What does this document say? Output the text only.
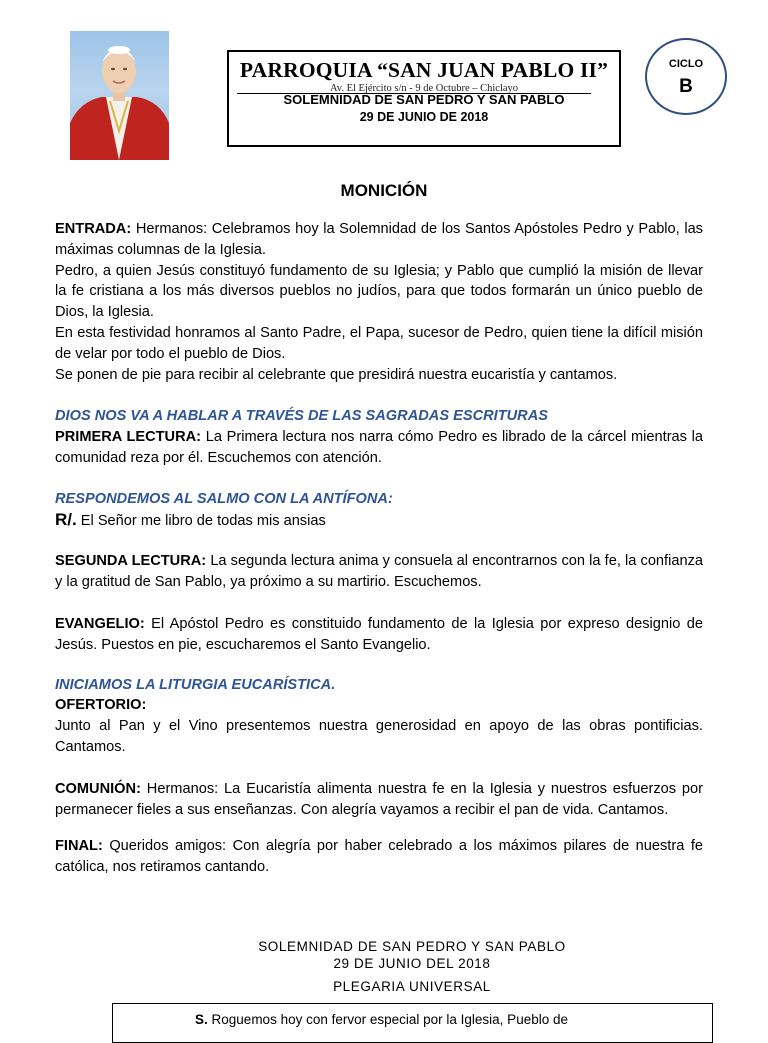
PARROQUIA “SAN JUAN PABLO II”
Av. El Ejército s/n - 9 de Octubre – Chiclayo
SOLEMNIDAD DE SAN PEDRO Y SAN PABLO
29 DE JUNIO DE 2018
CICLO
B
MONICIÓN

ENTRADA: Hermanos: Celebramos hoy la Solemnidad de los Santos Apóstoles Pedro y Pablo, las máximas columnas de la Iglesia.

Pedro, a quien Jesús constituyó fundamento de su Iglesia; y Pablo que cumplió la misión de llevar la fe cristiana a los más diversos pueblos no judíos, para que todos formarán un único pueblo de Dios, la Iglesia.

En esta festividad honramos al Santo Padre, el Papa, sucesor de Pedro, quien tiene la difícil misión de velar por todo el pueblo de Dios.

Se ponen de pie para recibir al celebrante que presidirá nuestra eucaristía y cantamos.

DIOS NOS VA A HABLAR A TRAVÉS DE LAS SAGRADAS ESCRITURAS

PRIMERA LECTURA: La Primera lectura nos narra cómo Pedro es librado de la cárcel mientras la comunidad reza por él. Escuchemos con atención.

RESPONDEMOS AL SALMO CON LA ANTÍFONA:

R/. El Señor me libro de todas mis ansias

SEGUNDA LECTURA: La segunda lectura anima y consuela al encontrarnos con la fe, la confianza y la gratitud de San Pablo, ya próximo a su martirio. Escuchemos.

EVANGELIO: El Apóstol Pedro es constituido fundamento de la Iglesia por expreso designio de Jesús. Puestos en pie, escucharemos el Santo Evangelio.

INICIAMOS LA LITURGIA EUCARÍSTICA.

OFERTORIO:

Junto al Pan y el Vino presentemos nuestra generosidad en apoyo de las obras pontificias. Cantamos.

COMUNIÓN: Hermanos: La Eucaristía alimenta nuestra fe en la Iglesia y nuestros esfuerzos por permanecer fieles a sus enseñanzas. Con alegría vayamos a recibir el pan de vida. Cantamos.

FINAL: Queridos amigos: Con alegría por haber celebrado a los máximos pilares de nuestra fe católica, nos retiramos cantando.

SOLEMNIDAD DE SAN PEDRO Y SAN PABLO
29 DE JUNIO DEL 2018
PLEGARIA UNIVERSAL
S. Roguemos hoy con fervor especial por la Iglesia, Pueblo de
